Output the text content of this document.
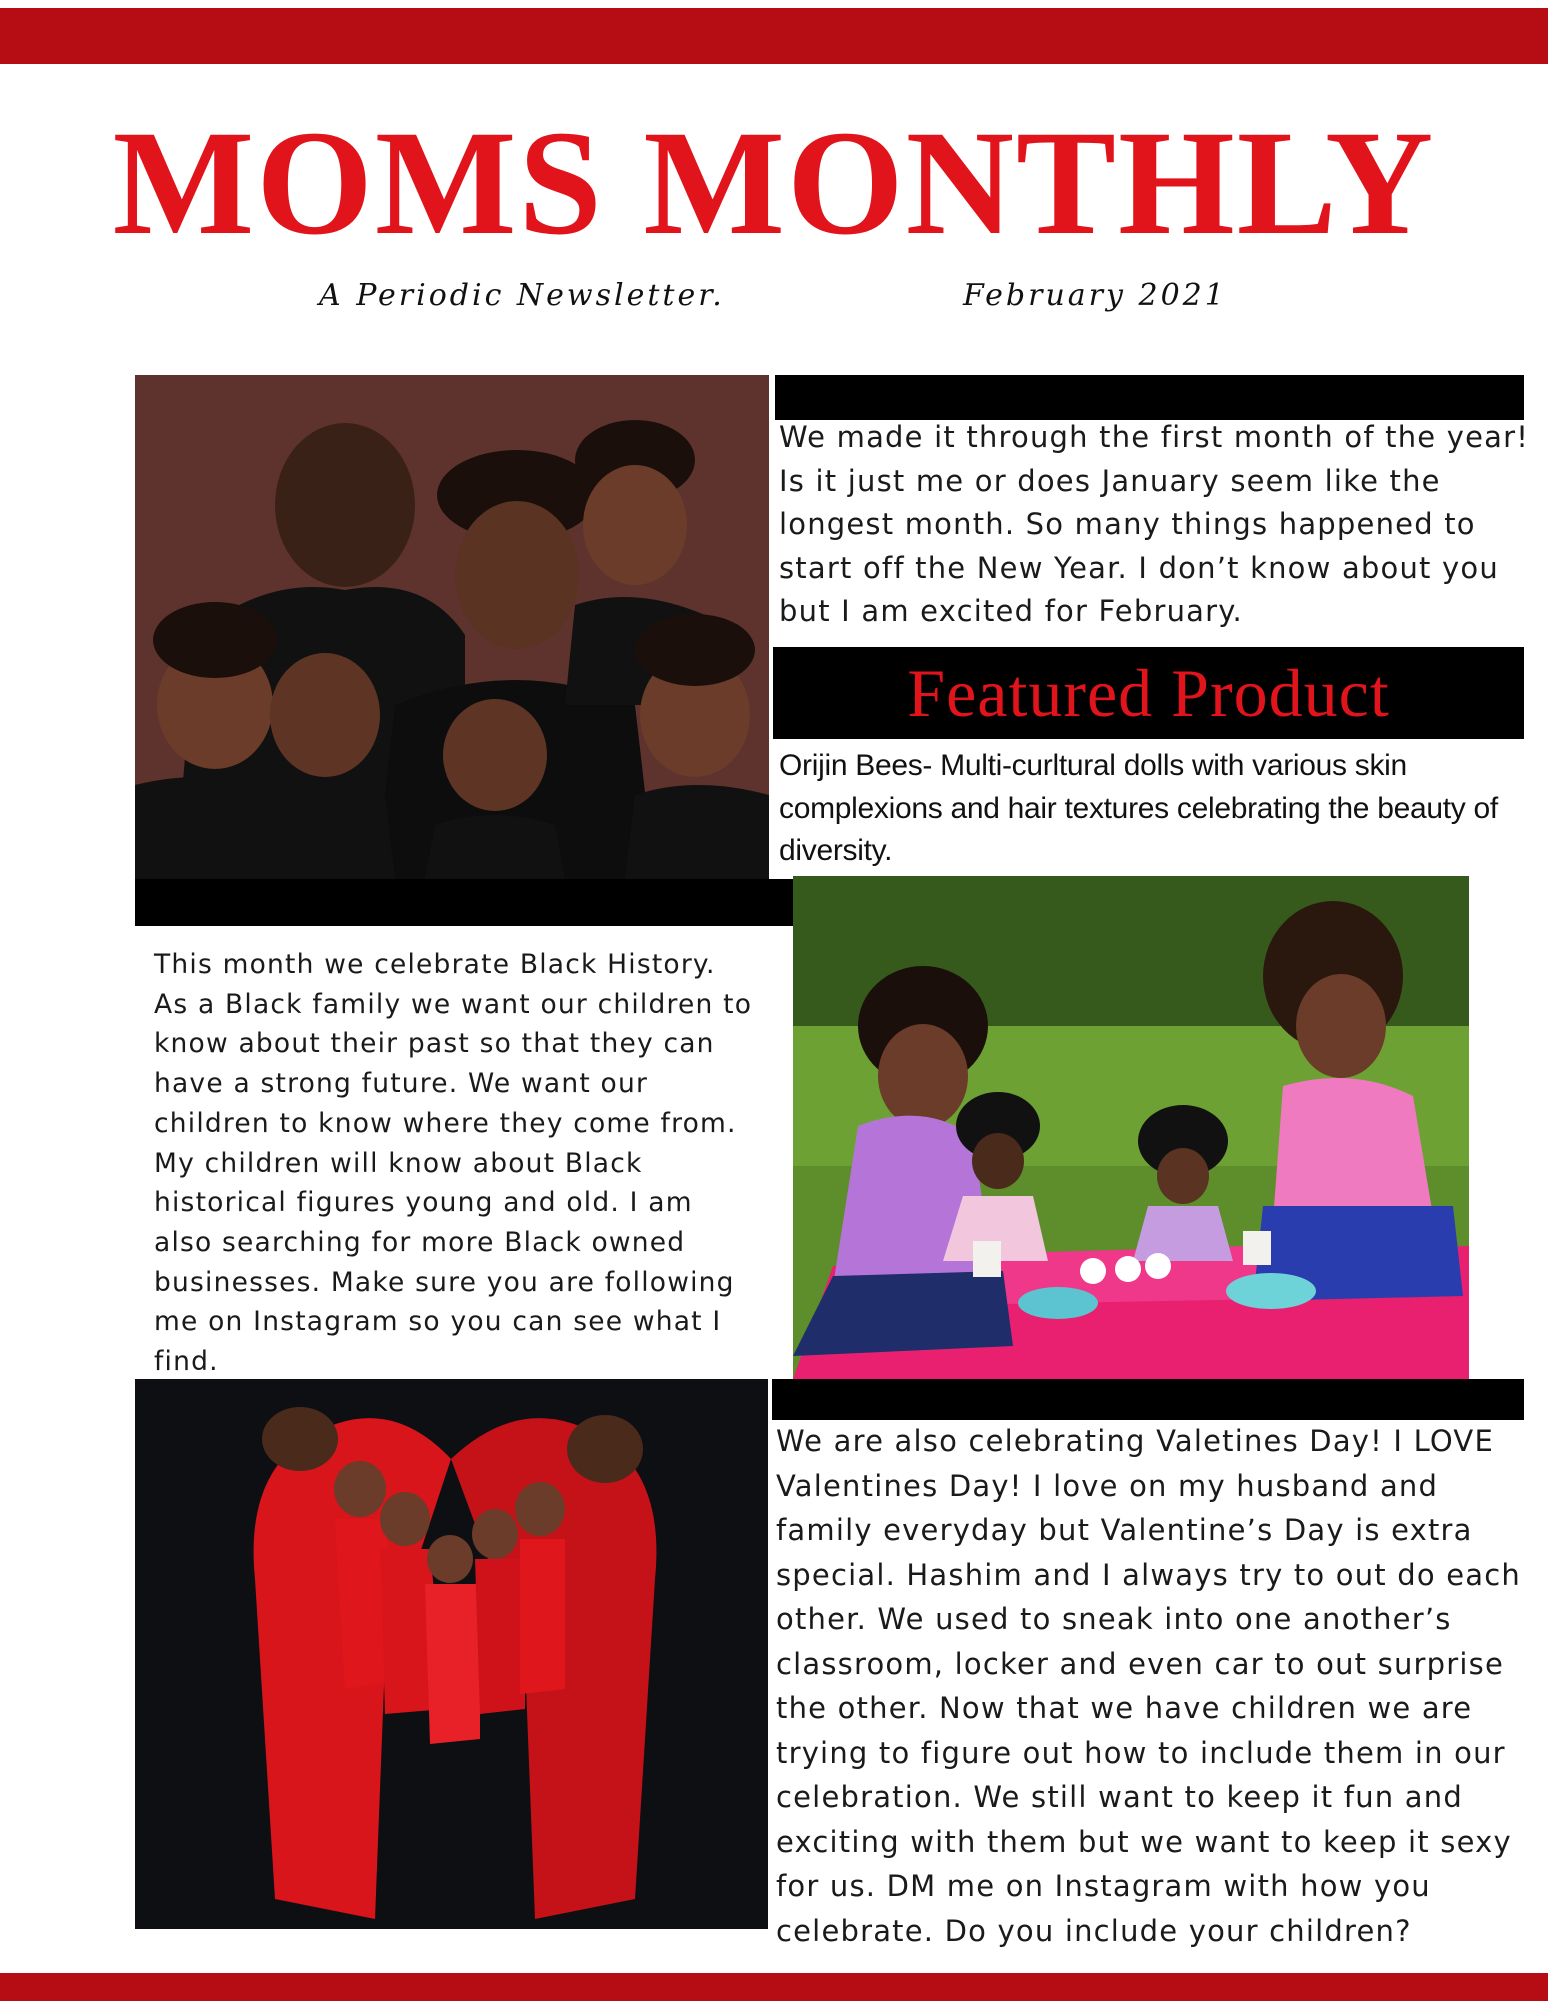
MOMS MONTHLY
A Periodic Newsletter.	February 2021

We made it through the first month of the year! Is it just me or does January seem like the longest month. So many things happened to start off the New Year. I don’t know about you but I am excited for February.

Featured Product

Orijin Bees- Multi-curltural dolls with various skin complexions and hair textures celebrating the beauty of diversity.

This month we celebrate Black History. As a Black family we want our children to know about their past so that they can have a strong future. We want our children to know where they come from. My children will know about Black historical figures young and old. I am also searching for more Black owned businesses. Make sure you are following me on Instagram so you can see what I find.

We are also celebrating Valetines Day! I LOVE Valentines Day! I love on my husband and family everyday but Valentine’s Day is extra special. Hashim and I always try to out do each other. We used to sneak into one another’s classroom, locker and even car to out surprise the other. Now that we have children we are trying to figure out how to include them in our celebration. We still want to keep it fun and exciting with them but we want to keep it sexy for us. DM me on Instagram with how you celebrate. Do you include your children?
